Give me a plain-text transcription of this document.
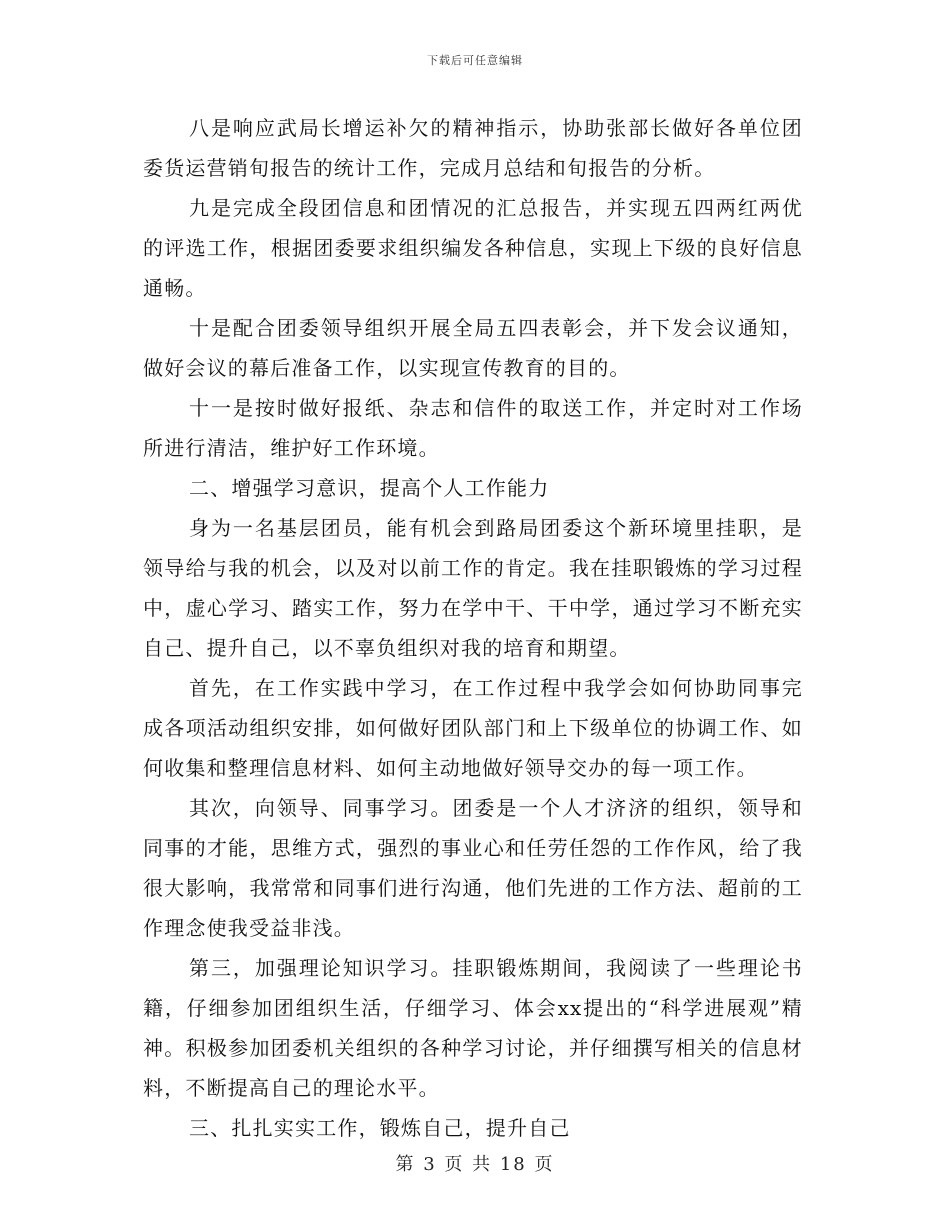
下载后可任意编辑

八是响应武局长增运补欠的精神指示，协助张部长做好各单位团委货运营销旬报告的统计工作，完成月总结和旬报告的分析。

九是完成全段团信息和团情况的汇总报告，并实现五四两红两优的评选工作，根据团委要求组织编发各种信息，实现上下级的良好信息通畅。

十是配合团委领导组织开展全局五四表彰会，并下发会议通知，做好会议的幕后准备工作，以实现宣传教育的目的。

十一是按时做好报纸、杂志和信件的取送工作，并定时对工作场所进行清洁，维护好工作环境。

二、增强学习意识，提高个人工作能力

身为一名基层团员，能有机会到路局团委这个新环境里挂职，是领导给与我的机会，以及对以前工作的肯定。我在挂职锻炼的学习过程中，虚心学习、踏实工作，努力在学中干、干中学，通过学习不断充实自己、提升自己，以不辜负组织对我的培育和期望。

首先，在工作实践中学习，在工作过程中我学会如何协助同事完成各项活动组织安排，如何做好团队部门和上下级单位的协调工作、如何收集和整理信息材料、如何主动地做好领导交办的每一项工作。

其次，向领导、同事学习。团委是一个人才济济的组织，领导和同事的才能，思维方式，强烈的事业心和任劳任怨的工作作风，给了我很大影响，我常常和同事们进行沟通，他们先进的工作方法、超前的工作理念使我受益非浅。

第三，加强理论知识学习。挂职锻炼期间，我阅读了一些理论书籍，仔细参加团组织生活，仔细学习、体会xx提出的“科学进展观”精神。积极参加团委机关组织的各种学习讨论，并仔细撰写相关的信息材料，不断提高自己的理论水平。

三、扎扎实实工作，锻炼自己，提升自己

第 3 页 共 18 页
